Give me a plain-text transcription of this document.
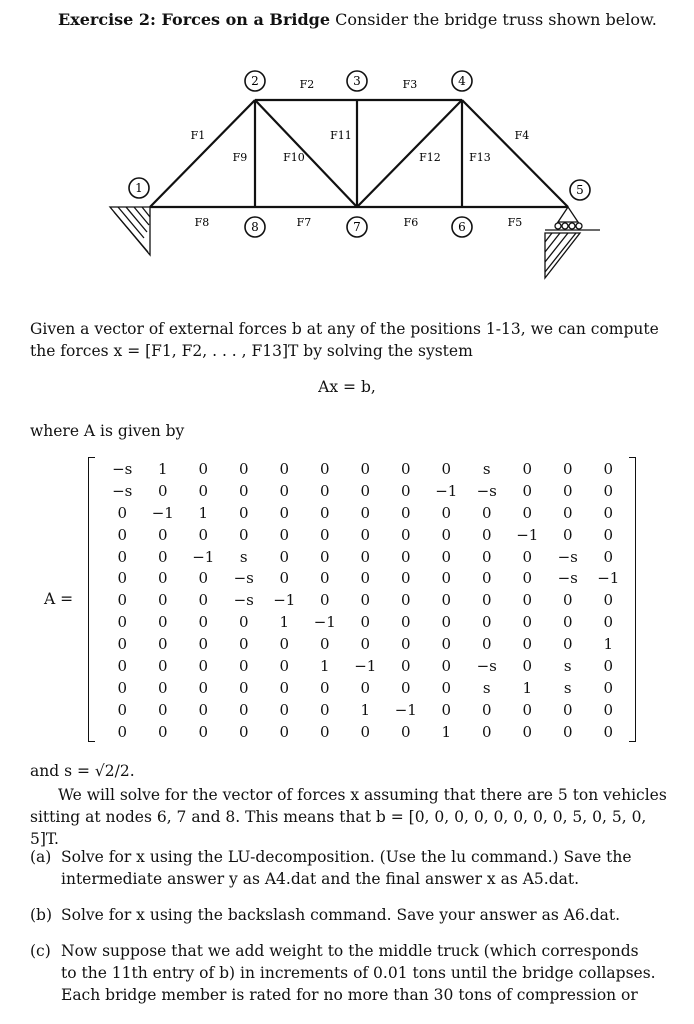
Exercise 2: Forces on a Bridge Consider the bridge truss shown below.
1
2	3	4
5
6
7
8
F1
F2	F3
F4
F5
F6
F7
F8
F9	F10
F11
F12	F13
Given a vector of external forces b at any of the positions 1-13, we can compute
the forces x = [F1, F2, . . . , F13]T by solving the system
Ax = b,
where A is given by
A =
−s	1	0	0	0	0	0	0	0	s	0	0	0
−s	0	0	0	0	0	0	0	−1	−s	0	0	0
0	−1	1	0	0	0	0	0	0	0	0	0	0
0	0	0	0	0	0	0	0	0	0	−1	0	0
0	0	−1	s	0	0	0	0	0	0	0	−s	0
0	0	0	−s	0	0	0	0	0	0	0	−s	−1
0	0	0	−s	−1	0	0	0	0	0	0	0	0
0	0	0	0	1	−1	0	0	0	0	0	0	0
0	0	0	0	0	0	0	0	0	0	0	0	1
0	0	0	0	0	1	−1	0	0	−s	0	s	0
0	0	0	0	0	0	0	0	0	s	1	s	0
0	0	0	0	0	0	1	−1	0	0	0	0	0
0	0	0	0	0	0	0	0	1	0	0	0	0
and s = √2/2.
We will solve for the vector of forces x assuming that there are 5 ton vehicles
sitting at nodes 6, 7 and 8. This means that b = [0, 0, 0, 0, 0, 0, 0, 0, 5, 0, 5, 0, 5]T.
(a) Solve for x using the LU-decomposition. (Use the lu command.) Save the
intermediate answer y as A4.dat and the final answer x as A5.dat.
(b) Solve for x using the backslash command. Save your answer as A6.dat.
(c) Now suppose that we add weight to the middle truck (which corresponds
to the 11th entry of b) in increments of 0.01 tons until the bridge collapses.
Each bridge member is rated for no more than 30 tons of compression or
